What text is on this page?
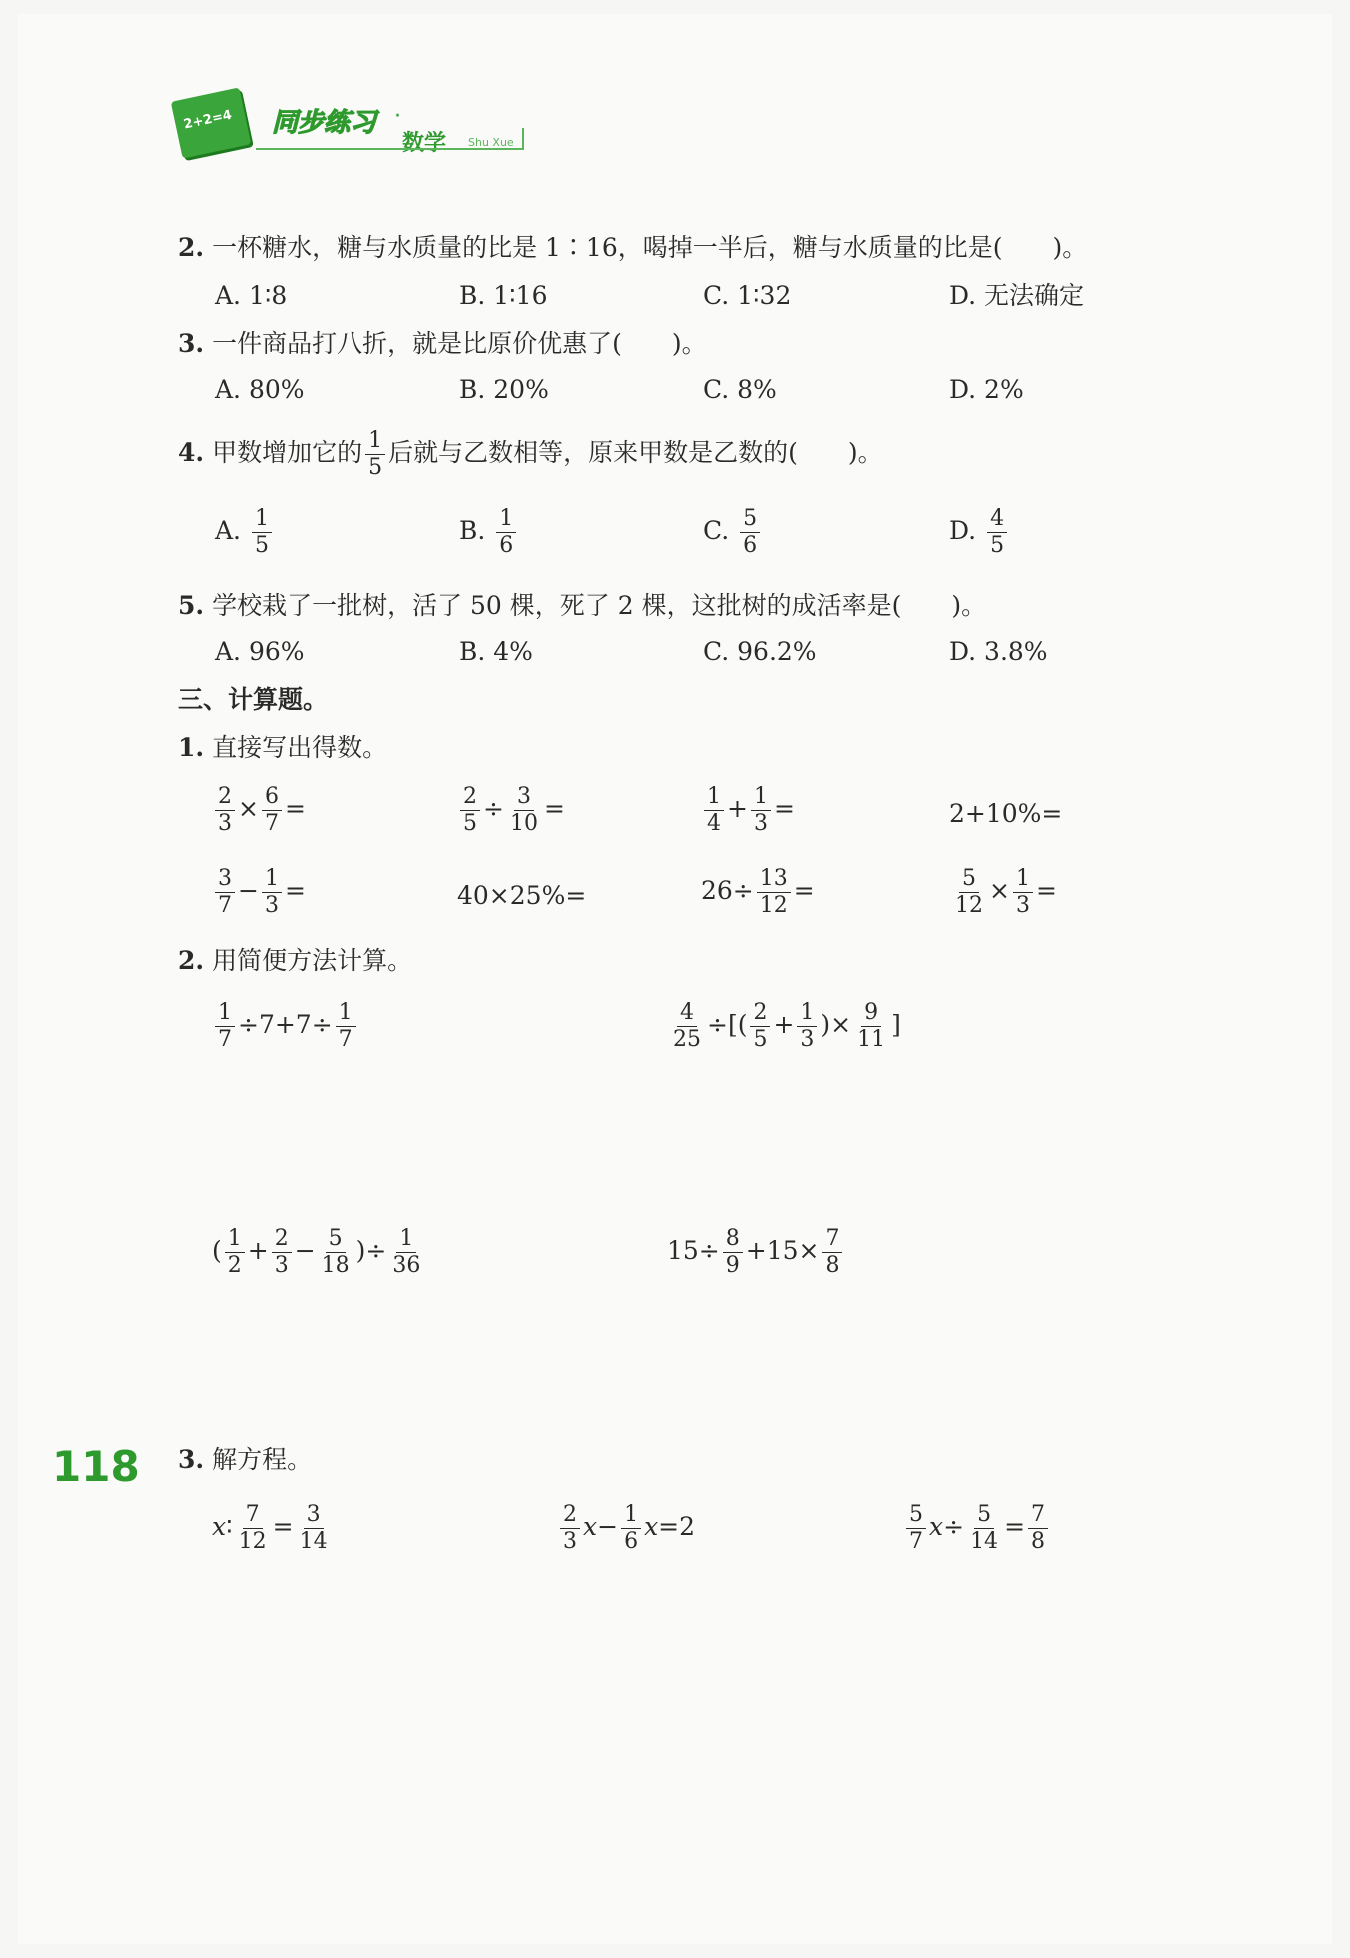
2+2=4 同步练习 ·
数学 Shu Xue
2. 一杯糖水，糖与水质量的比是 1∶16，喝掉一半后，糖与水质量的比是(　　)。
A. 1∶8	B. 1∶16	C. 1∶32	D. 无法确定
3. 一件商品打八折，就是比原价优惠了(　　)。
A. 80%	B. 20%	C. 8%	D. 2%
4. 甲数增加它的 $\frac{1}{5}$ 后就与乙数相等，原来甲数是乙数的(　　)。
A. $\frac{1}{5}$	B. $\frac{1}{6}$	C. $\frac{5}{6}$	D. $\frac{4}{5}$
5. 学校栽了一批树，活了 50 棵，死了 2 棵，这批树的成活率是(　　)。
A. 96%	B. 4%	C. 96.2%	D. 3.8%
三、计算题。
1. 直接写出得数。
$\frac{2}{3} \times \frac{6}{7}$ =	$\frac{2}{5} \div \frac{3}{10}$ =	$\frac{1}{4} + \frac{1}{3}$ =	2+10%=
$\frac{3}{7} - \frac{1}{3}$ =	40×25%=	$26\div \frac{13}{12}$ =	$\frac{5}{12} \times \frac{1}{3}$ =
2. 用简便方法计算。
$\frac{1}{7} \div 7+7\div \frac{1}{7}$	$\frac{4}{25}$ ÷[( $\frac{2}{5} + \frac{1}{3}$ )× $\frac{9}{11}$ ]
( $\frac{1}{2} + \frac{2}{3} - \frac{5}{18}$ )÷ $\frac{1}{36}$	$15\div \frac{8}{9} +15\times \frac{7}{8}$
3. 解方程。
x∶ $\frac{7}{12} = \frac{3}{14}$	$\frac{2}{3} x- \frac{1}{6} x=2$	$\frac{5}{7} x\div \frac{5}{14} = \frac{7}{8}$
118
